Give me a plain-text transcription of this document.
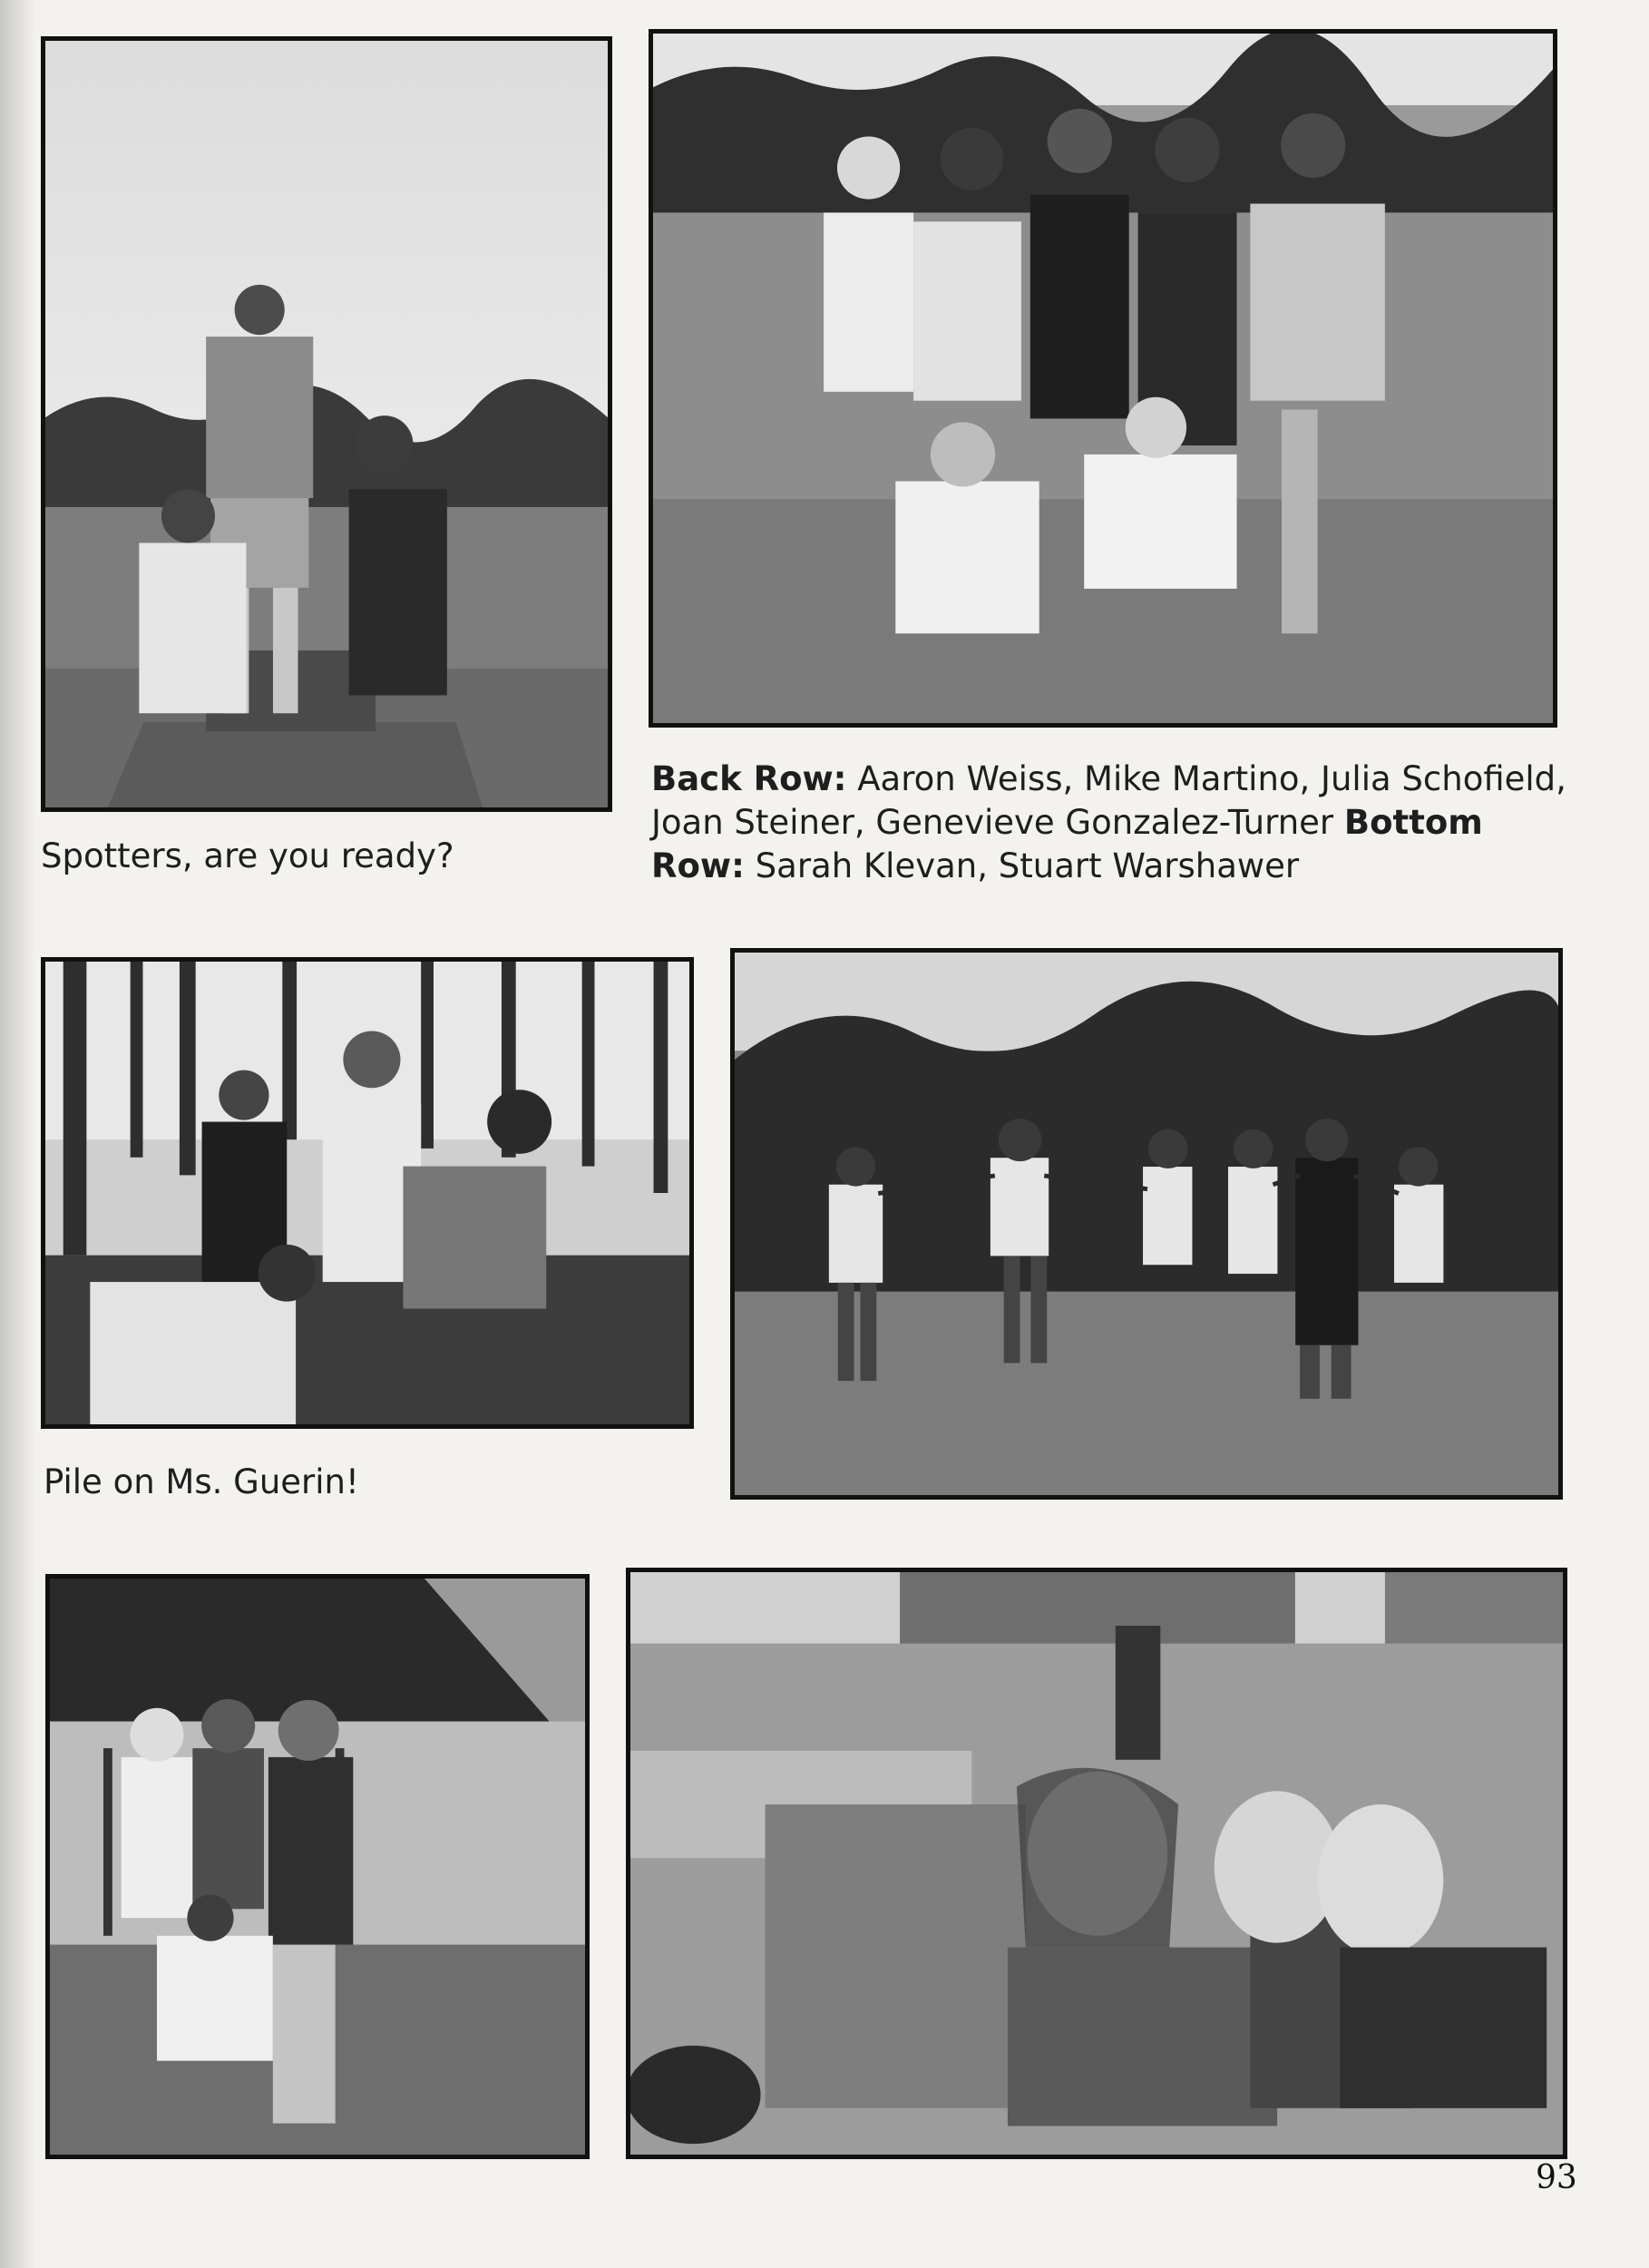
Spotters, are you ready?
Back Row: Aaron Weiss, Mike Martino, Julia Schofield, Joan Steiner, Genevieve Gonzalez-Turner Bottom Row: Sarah Klevan, Stuart Warshawer
Pile on Ms. Guerin!
93
